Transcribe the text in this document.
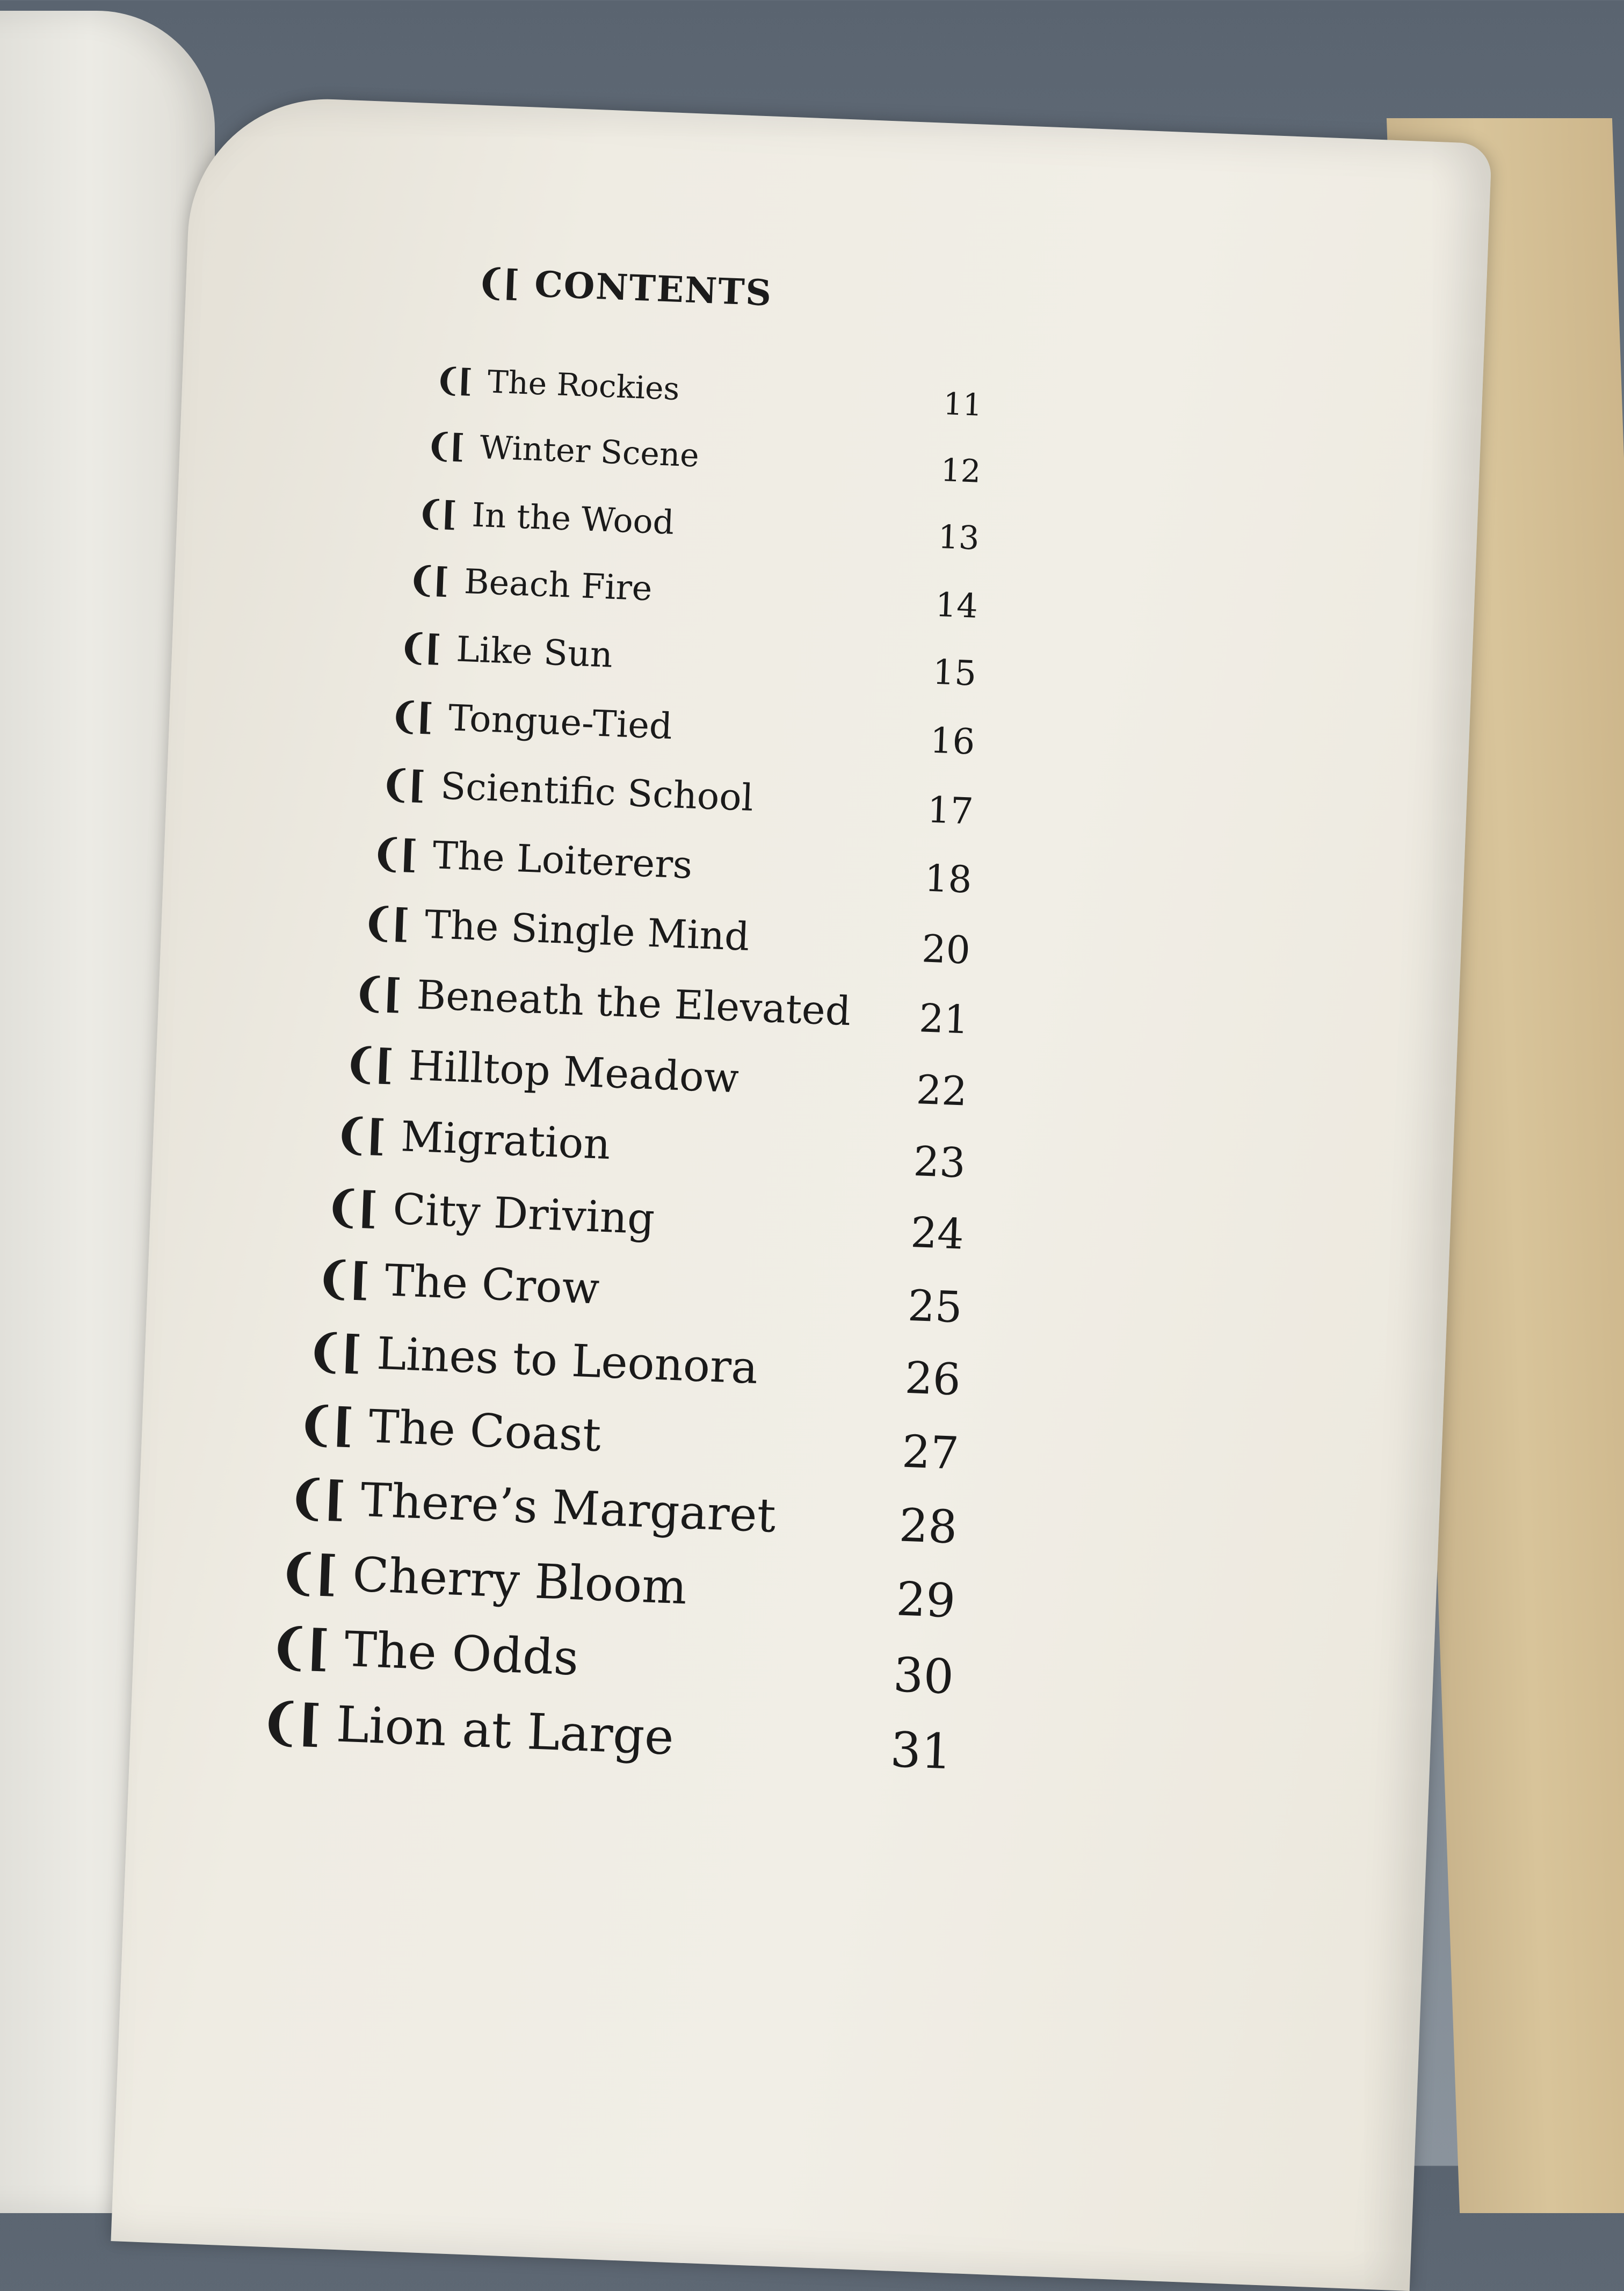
❨[ CONTENTS
❨[ The Rockies	11
❨[ Winter Scene	12
❨[ In the Wood	13
❨[ Beach Fire	14
❨[ Like Sun	15
❨[ Tongue-Tied	16
❨[ Scientific School	17
❨[ The Loiterers	18
❨[ The Single Mind	20
❨[ Beneath the Elevated 21
❨[ Hilltop Meadow	22
❨[ Migration	23
❨[ City Driving	24
❨[ The Crow	25
❨[ Lines to Leonora	26
❨[ The Coast	27
❨[ There’s Margaret	28
❨[ Cherry Bloom	29
❨[ The Odds	30
❨[ Lion at Large	31
